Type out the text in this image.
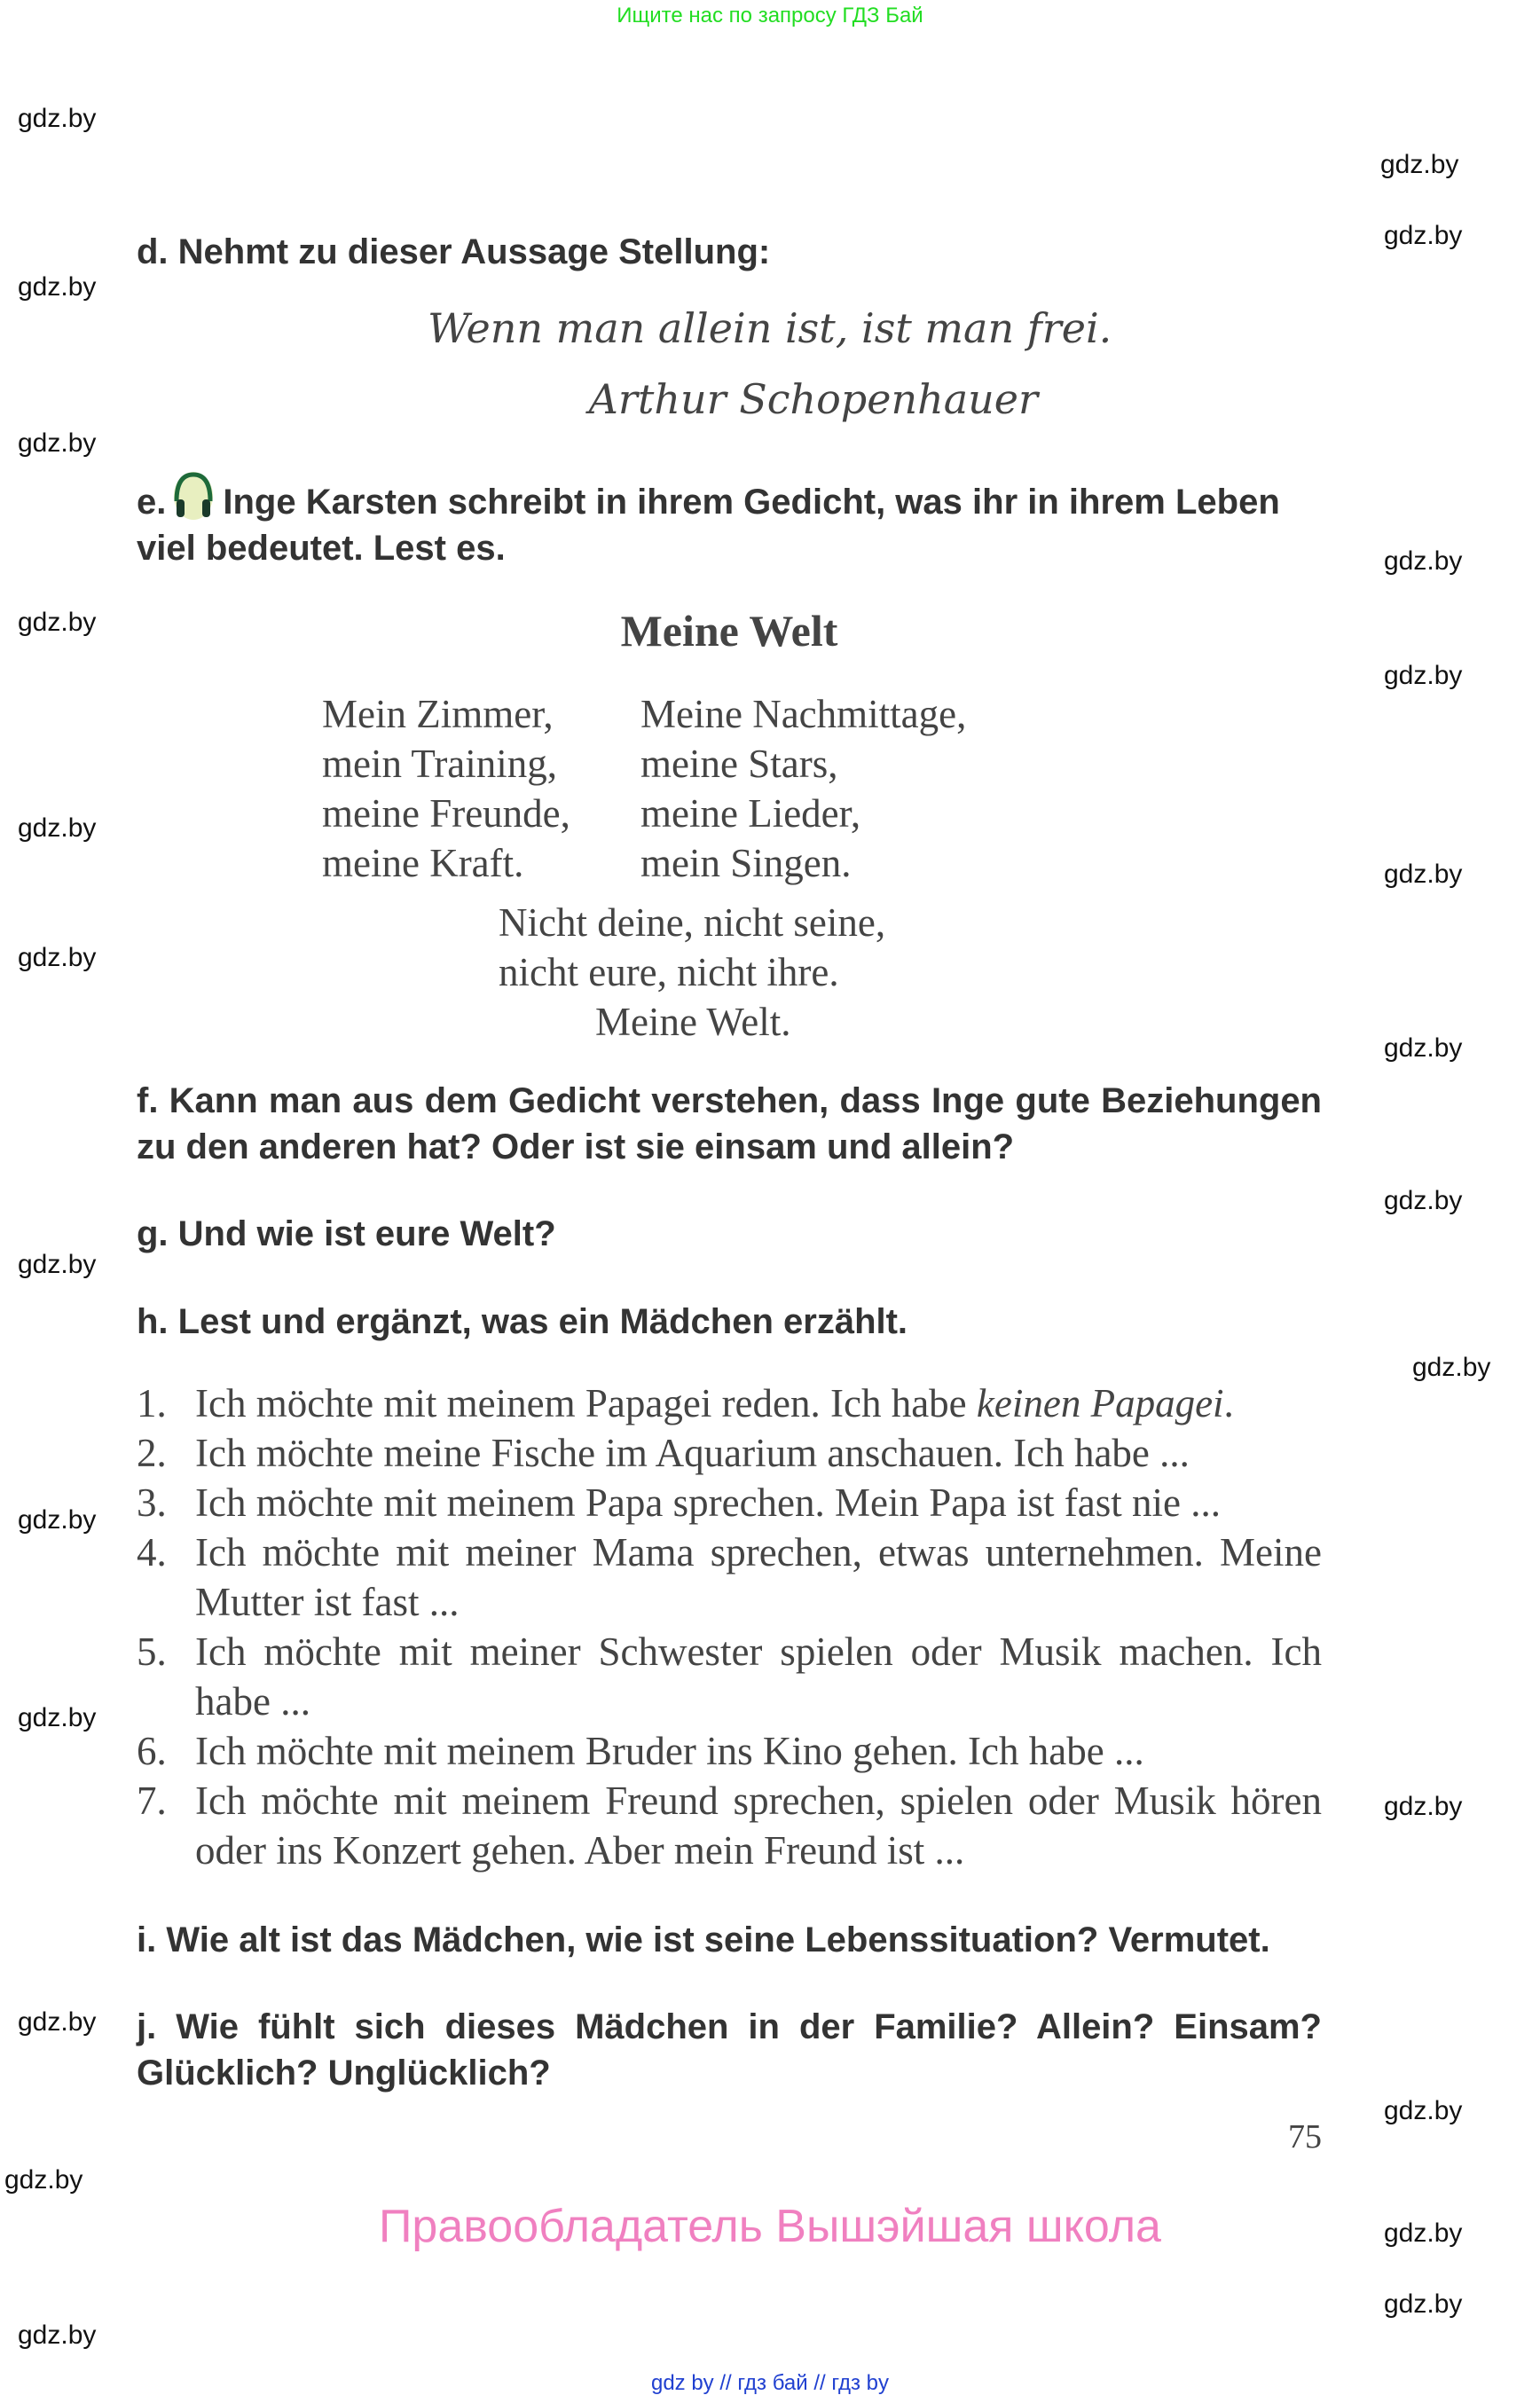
Ищите нас по запросу ГДЗ Бай
gdz.by
gdz.by
gdz.by
gdz.by
gdz.by
gdz.by
gdz.by
gdz.by
gdz.by
gdz.by
gdz.by
gdz.by
gdz.by
gdz.by
gdz.by
gdz.by
gdz.by
gdz.by
gdz.by
gdz.by
gdz.by
gdz.by
gdz.by
gdz.by
d. Nehmt zu dieser Aussage Stellung:
Wenn man allein ist, ist man frei.
Arthur Schopenhauer
e. Inge Karsten schreibt in ihrem Gedicht, was ihr in ihrem Leben
viel bedeutet. Lest es.
Meine Welt
Mein Zimmer,
mein Training,
meine Freunde,
meine Kraft.
Meine Nachmittage,
meine Stars,
meine Lieder,
mein Singen.
Nicht deine, nicht seine,
nicht eure, nicht ihre.
Meine Welt.
f. Kann man aus dem Gedicht verstehen, dass Inge gute Beziehungen zu den anderen hat? Oder ist sie einsam und allein?
g. Und wie ist eure Welt?
h. Lest und ergänzt, was ein Mädchen erzählt.
1. Ich möchte mit meinem Papagei reden. Ich habe keinen Papagei.
2. Ich möchte meine Fische im Aquarium anschauen. Ich habe ...
3. Ich möchte mit meinem Papa sprechen. Mein Papa ist fast nie ...
4. Ich möchte mit meiner Mama sprechen, etwas unternehmen. Meine Mutter ist fast ...
5. Ich möchte mit meiner Schwester spielen oder Musik machen. Ich habe ...
6. Ich möchte mit meinem Bruder ins Kino gehen. Ich habe ...
7. Ich möchte mit meinem Freund sprechen, spielen oder Musik hören oder ins Konzert gehen. Aber mein Freund ist ...
i. Wie alt ist das Mädchen, wie ist seine Lebenssituation? Vermutet.
j. Wie fühlt sich dieses Mädchen in der Familie? Allein? Einsam? Glücklich? Unglücklich?
75
Правообладатель Вышэйшая школа
gdz by // гдз бай // гдз by
